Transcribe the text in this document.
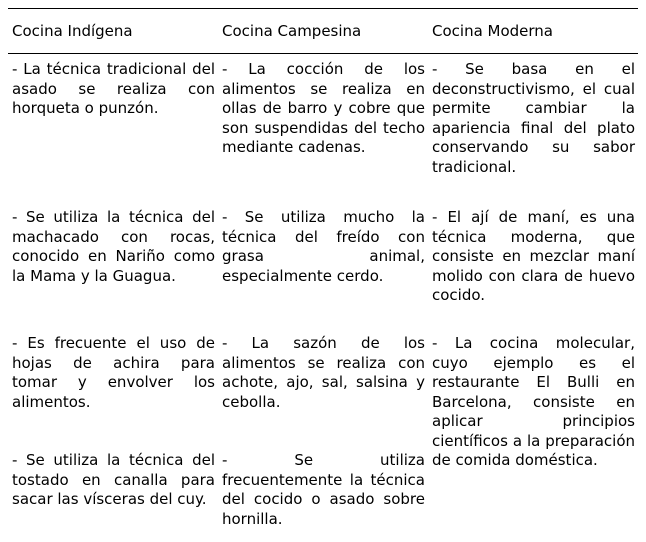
Cocina Indígena	Cocina Campesina	Cocina Moderna
- La técnica tradicional del asado se realiza con horqueta o punzón.
- La cocción de los alimentos se realiza en ollas de barro y cobre que son suspendidas del techo mediante cadenas.
- Se basa en el deconstructivismo, el cual permite cambiar la apariencia final del plato conservando su sabor tradicional.
- Se utiliza la técnica del machacado con rocas, conocido en Nariño como la Mama y la Guagua.
- Se utiliza mucho la técnica del freído con grasa animal, especialmente cerdo.
- El ají de maní, es una técnica moderna, que consiste en mezclar maní molido con clara de huevo cocido.
- Es frecuente el uso de hojas de achira para tomar y envolver los alimentos.
- La sazón de los alimentos se realiza con achote, ajo, sal, salsina y cebolla.
- La cocina molecular, cuyo ejemplo es el restaurante El Bulli en Barcelona, consiste en aplicar principios científicos a la preparación de comida doméstica.
- Se utiliza la técnica del tostado en canalla para sacar las vísceras del cuy.
- Se utiliza frecuentemente la técnica del cocido o asado sobre hornilla.
